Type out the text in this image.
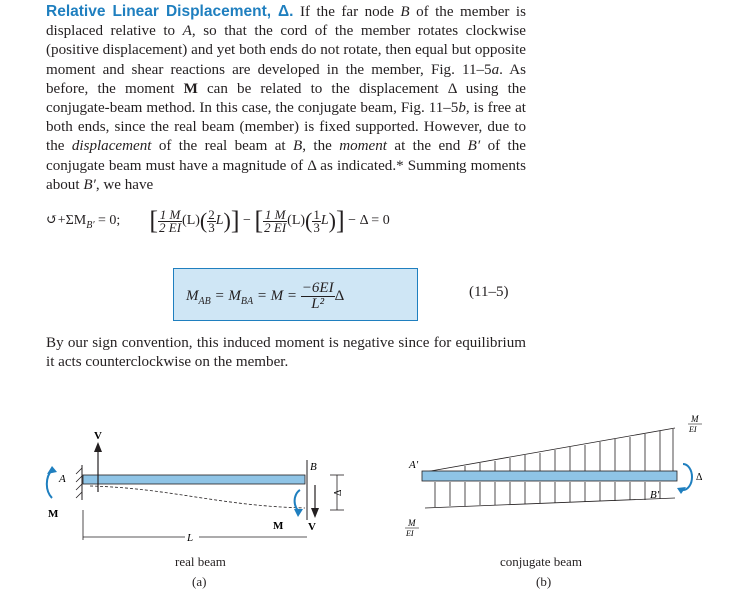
Relative Linear Displacement, Δ. If the far node B of the member is displaced relative to A, so that the cord of the member rotates clockwise (positive displacement) and yet both ends do not rotate, then equal but opposite moment and shear reactions are developed in the member, Fig. 11–5a. As before, the moment M can be related to the displacement Δ using the conjugate-beam method. In this case, the conjugate beam, Fig. 11–5b, is free at both ends, since the real beam (member) is fixed supported. However, due to the displacement of the real beam at B, the moment at the end B′ of the conjugate beam must have a magnitude of Δ as indicated.* Summing moments about B′, we have
$↺+\Sigma M_{B'} = 0$; [ $\frac{1 M}{2 EI} (L)( \frac{2}{3} L)$] − [ $\frac{1 M}{2 EI} (L)( \frac{1}{3} L)] - \Delta = 0$
$M_{AB} = M_{BA} = M = \frac{-6EI}{\text{L²}}$ Δ	(11–5)
By our sign convention, this induced moment is negative since for equilibrium it acts counterclockwise on the member.
V
A
M
B
M V
Δ
L
real beam
(a)
A′
B′
M
EI
M
EI
Δ
conjugate beam
(b)
